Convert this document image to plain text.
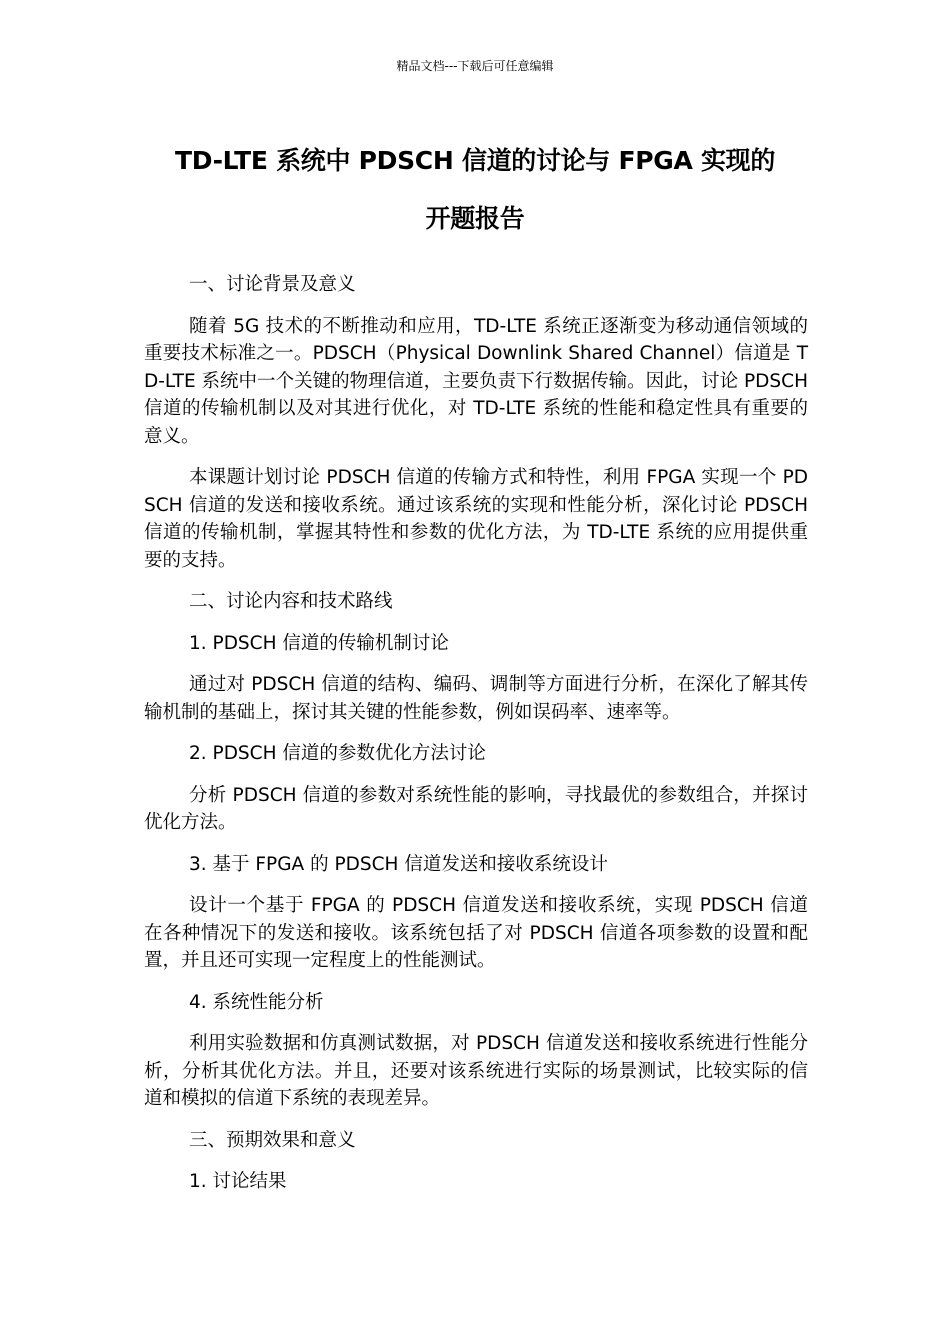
精品文档---下载后可任意编辑
TD-LTE 系统中 PDSCH 信道的讨论与 FPGA 实现的
开题报告
一、讨论背景及意义

随着 5G 技术的不断推动和应用，TD-LTE 系统正逐渐变为移动通信领域的重要技术标准之一。PDSCH（Physical Downlink Shared Channel）信道是 TD-LTE 系统中一个关键的物理信道，主要负责下行数据传输。因此，讨论 PDSCH 信道的传输机制以及对其进行优化，对 TD-LTE 系统的性能和稳定性具有重要的意义。

本课题计划讨论 PDSCH 信道的传输方式和特性，利用 FPGA 实现一个 PDSCH 信道的发送和接收系统。通过该系统的实现和性能分析，深化讨论 PDSCH 信道的传输机制，掌握其特性和参数的优化方法，为 TD-LTE 系统的应用提供重要的支持。

二、讨论内容和技术路线
1. PDSCH 信道的传输机制讨论

通过对 PDSCH 信道的结构、编码、调制等方面进行分析，在深化了解其传输机制的基础上，探讨其关键的性能参数，例如误码率、速率等。

2. PDSCH 信道的参数优化方法讨论

分析 PDSCH 信道的参数对系统性能的影响，寻找最优的参数组合，并探讨优化方法。

3. 基于 FPGA 的 PDSCH 信道发送和接收系统设计

设计一个基于 FPGA 的 PDSCH 信道发送和接收系统，实现 PDSCH 信道在各种情况下的发送和接收。该系统包括了对 PDSCH 信道各项参数的设置和配置，并且还可实现一定程度上的性能测试。

4. 系统性能分析

利用实验数据和仿真测试数据，对 PDSCH 信道发送和接收系统进行性能分析，分析其优化方法。并且，还要对该系统进行实际的场景测试，比较实际的信道和模拟的信道下系统的表现差异。

三、预期效果和意义
1. 讨论结果
